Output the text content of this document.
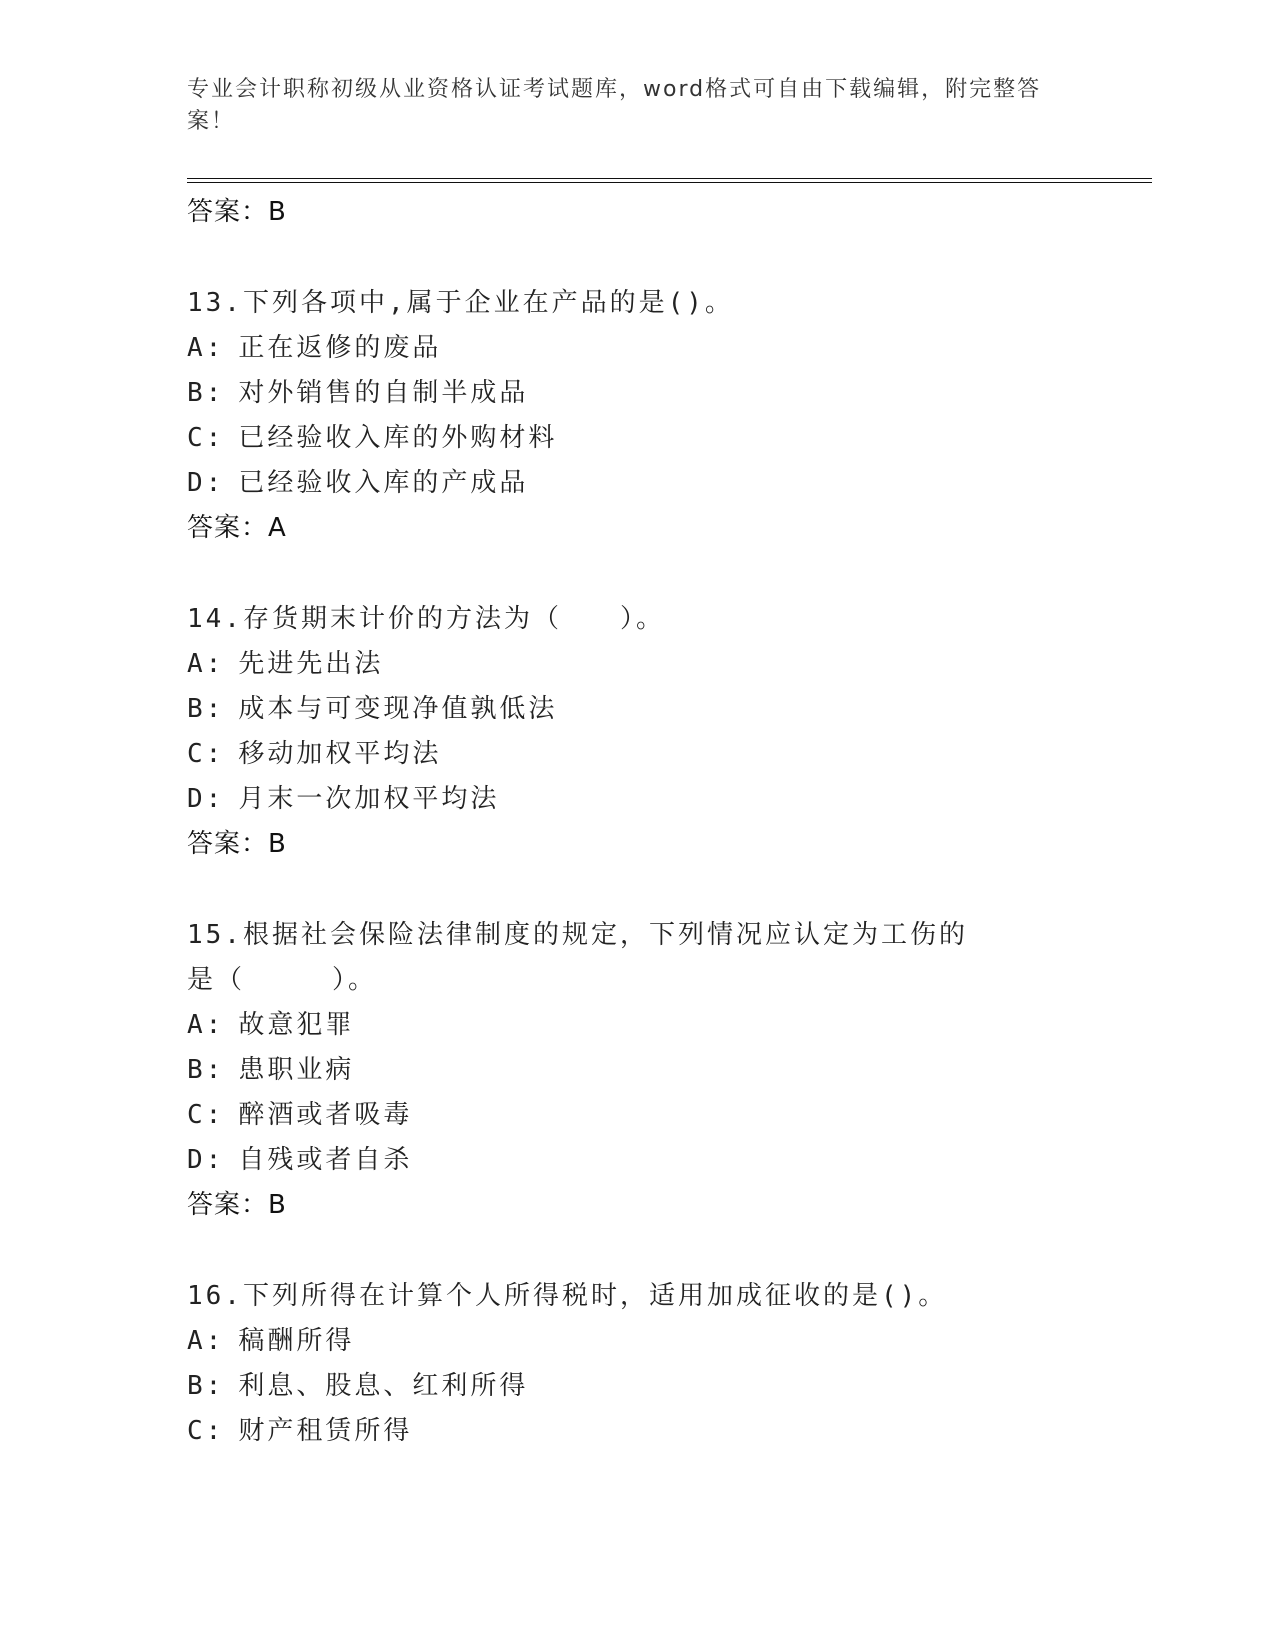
专业会计职称初级从业资格认证考试题库，word格式可自由下载编辑，附完整答案！
答案：B
13.下列各项中,属于企业在产品的是()。
A: 正在返修的废品
B: 对外销售的自制半成品
C: 已经验收入库的外购材料
D: 已经验收入库的产成品
答案：A
14.存货期末计价的方法为（　　）。
A: 先进先出法
B: 成本与可变现净值孰低法
C: 移动加权平均法
D: 月末一次加权平均法
答案：B
15.根据社会保险法律制度的规定，下列情况应认定为工伤的是（　　　）。
A: 故意犯罪
B: 患职业病
C: 醉酒或者吸毒
D: 自残或者自杀
答案：B
16.下列所得在计算个人所得税时，适用加成征收的是()。
A: 稿酬所得
B: 利息、股息、红利所得
C: 财产租赁所得
